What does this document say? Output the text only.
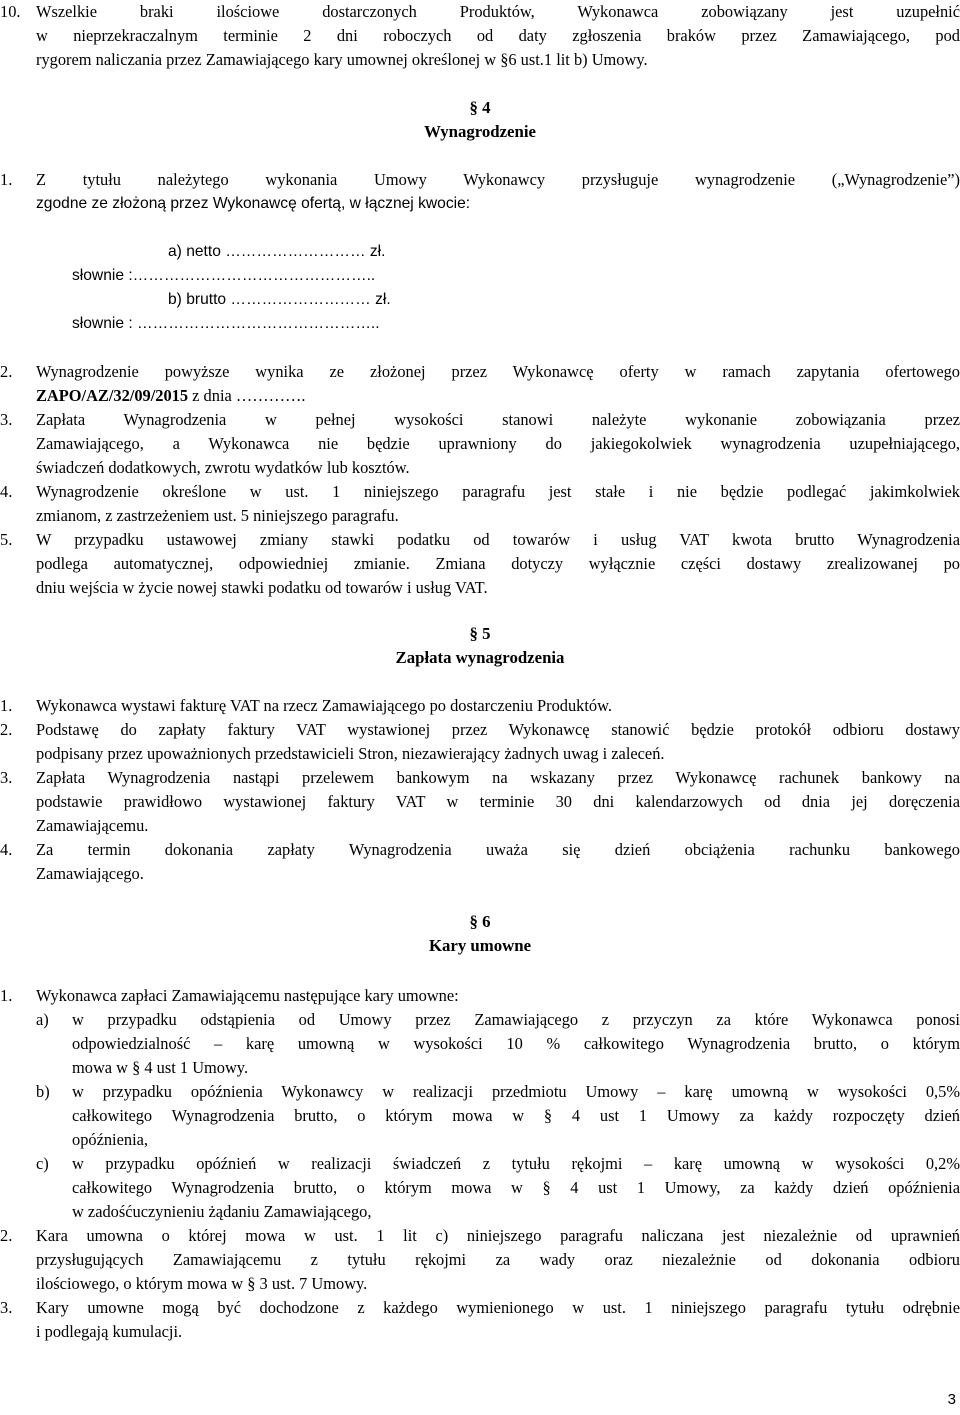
10. Wszelkie braki ilościowe dostarczonych Produktów, Wykonawca zobowiązany jest uzupełnić
w nieprzekraczalnym terminie 2 dni roboczych od daty zgłoszenia braków przez Zamawiającego, pod
rygorem naliczania przez Zamawiającego kary umownej określonej w §6 ust.1 lit b) Umowy.
§ 4
Wynagrodzenie
1. Z tytułu należytego wykonania Umowy Wykonawcy przysługuje wynagrodzenie („Wynagrodzenie”)
zgodne ze złożoną przez Wykonawcę ofertą, w łącznej kwocie:
a) netto ……………………… zł.
słownie :………………………………………..
b) brutto ……………………… zł.
słownie : ………………………………………..
2. Wynagrodzenie powyższe wynika ze złożonej przez Wykonawcę oferty w ramach zapytania ofertowego
ZAPO/AZ/32/09/2015 z dnia ………….
3. Zapłata Wynagrodzenia w pełnej wysokości stanowi należyte wykonanie zobowiązania przez
Zamawiającego, a Wykonawca nie będzie uprawniony do jakiegokolwiek wynagrodzenia uzupełniającego,
świadczeń dodatkowych, zwrotu wydatków lub kosztów.
4. Wynagrodzenie określone w ust. 1 niniejszego paragrafu jest stałe i nie będzie podlegać jakimkolwiek
zmianom, z zastrzeżeniem ust. 5 niniejszego paragrafu.
5. W przypadku ustawowej zmiany stawki podatku od towarów i usług VAT kwota brutto Wynagrodzenia
podlega automatycznej, odpowiedniej zmianie. Zmiana dotyczy wyłącznie części dostawy zrealizowanej po
dniu wejścia w życie nowej stawki podatku od towarów i usług VAT.
§ 5
Zapłata wynagrodzenia
1. Wykonawca wystawi fakturę VAT na rzecz Zamawiającego po dostarczeniu Produktów.
2. Podstawę do zapłaty faktury VAT wystawionej przez Wykonawcę stanowić będzie protokół odbioru dostawy
podpisany przez upoważnionych przedstawicieli Stron, niezawierający żadnych uwag i zaleceń.
3. Zapłata Wynagrodzenia nastąpi przelewem bankowym na wskazany przez Wykonawcę rachunek bankowy na
podstawie prawidłowo wystawionej faktury VAT w terminie 30 dni kalendarzowych od dnia jej doręczenia
Zamawiającemu.
4. Za termin dokonania zapłaty Wynagrodzenia uważa się dzień obciążenia rachunku bankowego
Zamawiającego.
§ 6
Kary umowne
1. Wykonawca zapłaci Zamawiającemu następujące kary umowne:
a) w przypadku odstąpienia od Umowy przez Zamawiającego z przyczyn za które Wykonawca ponosi
odpowiedzialność – karę umowną w wysokości 10 % całkowitego Wynagrodzenia brutto, o którym
mowa w § 4 ust 1 Umowy.
b) w przypadku opóźnienia Wykonawcy w realizacji przedmiotu Umowy – karę umowną w wysokości 0,5%
całkowitego Wynagrodzenia brutto, o którym mowa w § 4 ust 1 Umowy za każdy rozpoczęty dzień
opóźnienia,
c) w przypadku opóźnień w realizacji świadczeń z tytułu rękojmi – karę umowną w wysokości 0,2%
całkowitego Wynagrodzenia brutto, o którym mowa w § 4 ust 1 Umowy, za każdy dzień opóźnienia
w zadośćuczynieniu żądaniu Zamawiającego,
2. Kara umowna o której mowa w ust. 1 lit c) niniejszego paragrafu naliczana jest niezależnie od uprawnień
przysługujących Zamawiającemu z tytułu rękojmi za wady oraz niezależnie od dokonania odbioru
ilościowego, o którym mowa w § 3 ust. 7 Umowy.
3. Kary umowne mogą być dochodzone z każdego wymienionego w ust. 1 niniejszego paragrafu tytułu odrębnie
i podlegają kumulacji.
3
